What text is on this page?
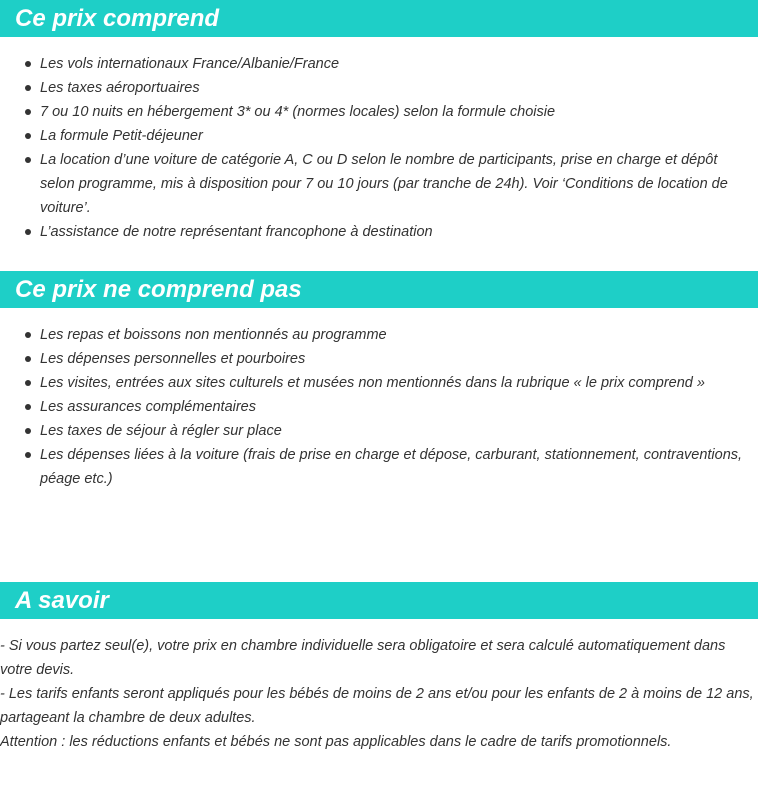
Ce prix comprend
Les vols internationaux France/Albanie/France
Les taxes aéroportuaires
7 ou 10 nuits en hébergement 3* ou 4* (normes locales) selon la formule choisie
La formule Petit-déjeuner
La location d’une voiture de catégorie A, C ou D selon le nombre de participants, prise en charge et dépôt selon programme, mis à disposition pour 7 ou 10 jours (par tranche de 24h). Voir ‘Conditions de location de voiture’.
L’assistance de notre représentant francophone à destination
Ce prix ne comprend pas
Les repas et boissons non mentionnés au programme
Les dépenses personnelles et pourboires
Les visites, entrées aux sites culturels et musées non mentionnés dans la rubrique « le prix comprend »
Les assurances complémentaires
Les taxes de séjour à régler sur place
Les dépenses liées à la voiture (frais de prise en charge et dépose, carburant, stationnement, contraventions, péage etc.)
A savoir

- Si vous partez seul(e), votre prix en chambre individuelle sera obligatoire et sera calculé automatiquement dans votre devis.

- Les tarifs enfants seront appliqués pour les bébés de moins de 2 ans et/ou pour les enfants de 2 à moins de 12 ans, partageant la chambre de deux adultes.

Attention : les réductions enfants et bébés ne sont pas applicables dans le cadre de tarifs promotionnels.
